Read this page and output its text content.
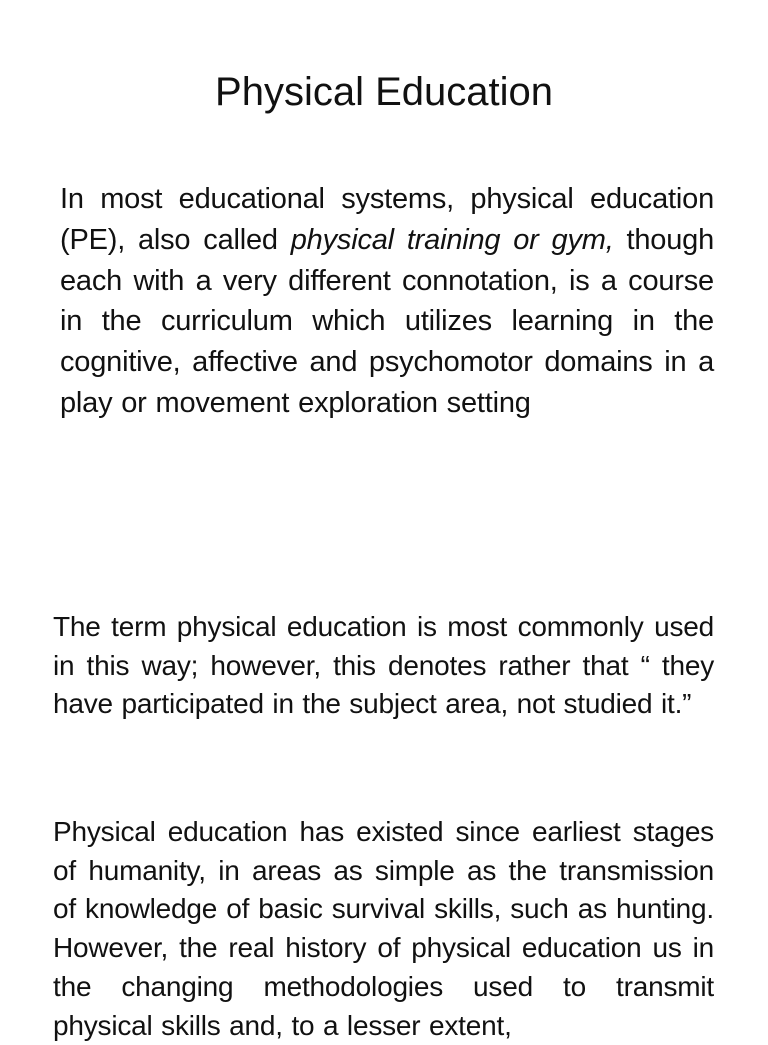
Physical Education

In most educational systems, physical education (PE), also called physical training or gym, though each with a very different connotation, is a course in the curriculum which utilizes learning in the cognitive, affective and psychomotor domains in a play or movement exploration setting

The term physical education is most commonly used in this way; however, this denotes rather that “ they have participated in the subject area, not studied it.”

Physical education has existed since earliest stages of humanity, in areas as simple as the transmission of knowledge of basic survival skills, such as hunting. However, the real history of physical education us in the changing methodologies used to transmit physical skills and, to a lesser extent,
